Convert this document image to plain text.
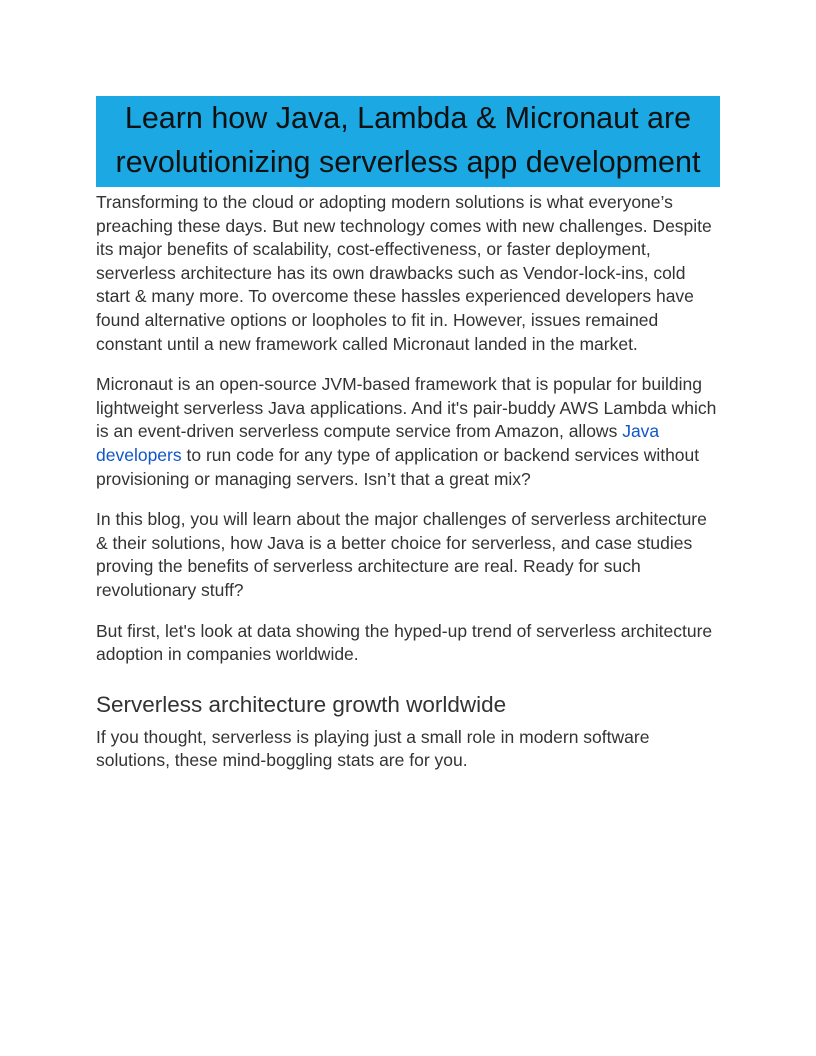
Learn how Java, Lambda & Micronaut are revolutionizing serverless app development

Transforming to the cloud or adopting modern solutions is what everyone’s preaching these days. But new technology comes with new challenges. Despite its major benefits of scalability, cost-effectiveness, or faster deployment, serverless architecture has its own drawbacks such as Vendor-lock-ins, cold start & many more. To overcome these hassles experienced developers have found alternative options or loopholes to fit in. However, issues remained constant until a new framework called Micronaut landed in the market.

Micronaut is an open-source JVM-based framework that is popular for building lightweight serverless Java applications. And it's pair-buddy AWS Lambda which is an event-driven serverless compute service from Amazon, allows Java developers to run code for any type of application or backend services without provisioning or managing servers. Isn’t that a great mix?

In this blog, you will learn about the major challenges of serverless architecture & their solutions, how Java is a better choice for serverless, and case studies proving the benefits of serverless architecture are real. Ready for such revolutionary stuff?

But first, let's look at data showing the hyped-up trend of serverless architecture adoption in companies worldwide.

Serverless architecture growth worldwide

If you thought, serverless is playing just a small role in modern software solutions, these mind-boggling stats are for you.
